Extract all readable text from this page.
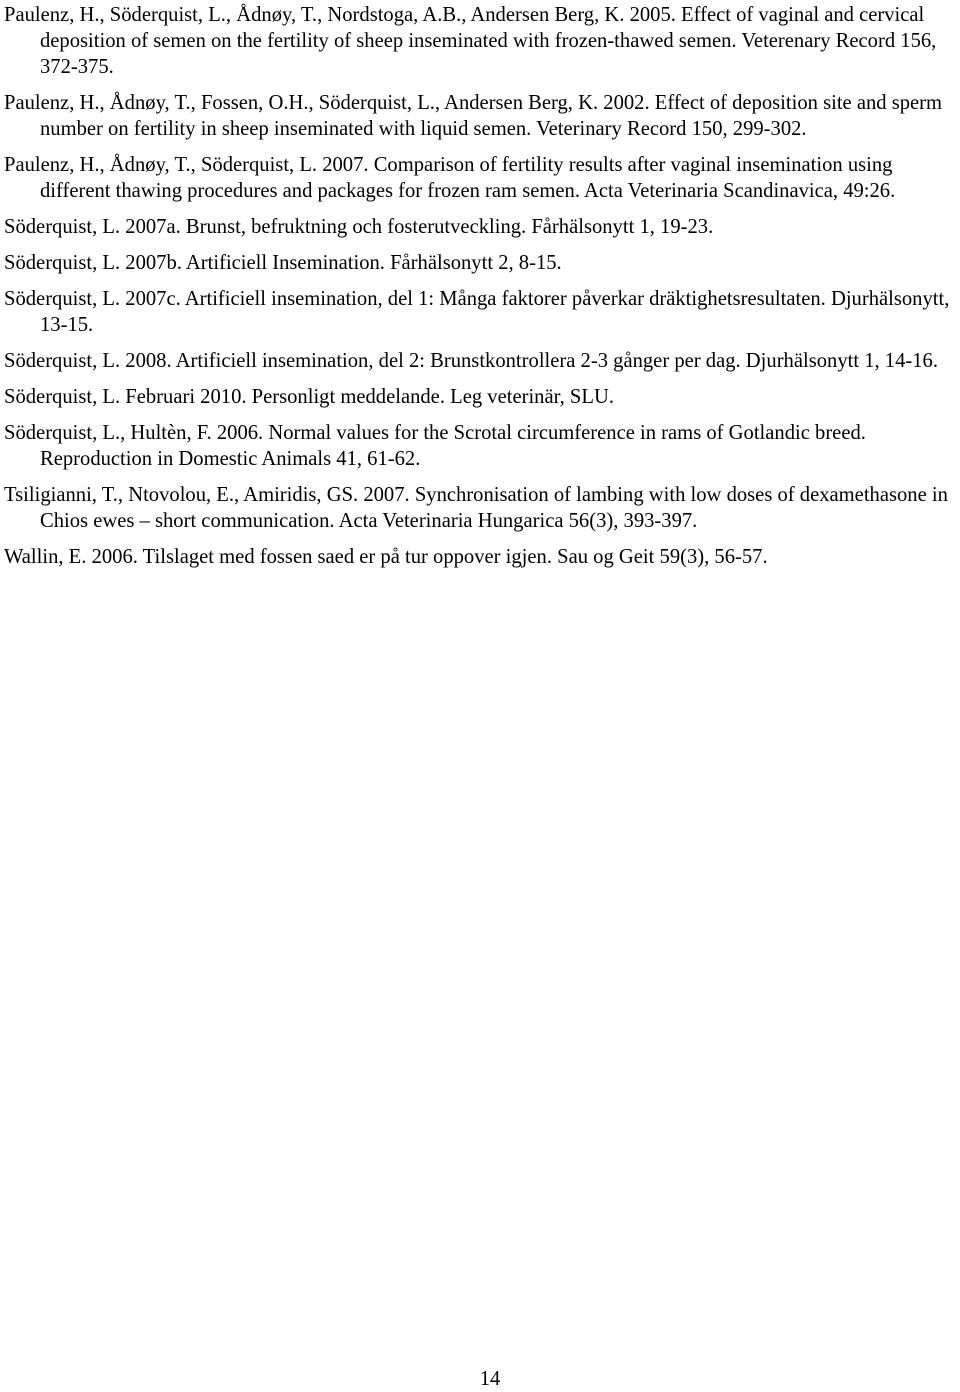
Paulenz, H., Söderquist, L., Ådnøy, T., Nordstoga, A.B., Andersen Berg, K. 2005. Effect of vaginal and cervical deposition of semen on the fertility of sheep inseminated with frozen-thawed semen. Veterenary Record 156, 372-375.
Paulenz, H., Ådnøy, T., Fossen, O.H., Söderquist, L., Andersen Berg, K. 2002. Effect of deposition site and sperm number on fertility in sheep inseminated with liquid semen. Veterinary Record 150, 299-302.
Paulenz, H., Ådnøy, T., Söderquist, L. 2007. Comparison of fertility results after vaginal insemination using different thawing procedures and packages for frozen ram semen. Acta Veterinaria Scandinavica, 49:26.
Söderquist, L. 2007a. Brunst, befruktning och fosterutveckling. Fårhälsonytt 1, 19-23.
Söderquist, L. 2007b. Artificiell Insemination. Fårhälsonytt 2, 8-15.
Söderquist, L. 2007c. Artificiell insemination, del 1: Många faktorer påverkar dräktighetsresultaten. Djurhälsonytt, 13-15.
Söderquist, L. 2008. Artificiell insemination, del 2: Brunstkontrollera 2-3 gånger per dag. Djurhälsonytt 1, 14-16.
Söderquist, L. Februari 2010. Personligt meddelande. Leg veterinär, SLU.
Söderquist, L., Hultèn, F. 2006. Normal values for the Scrotal circumference in rams of Gotlandic breed. Reproduction in Domestic Animals 41, 61-62.
Tsiligianni, T., Ntovolou, E., Amiridis, GS. 2007. Synchronisation of lambing with low doses of dexamethasone in Chios ewes – short communication. Acta Veterinaria Hungarica 56(3), 393-397.
Wallin, E. 2006. Tilslaget med fossen saed er på tur oppover igjen. Sau og Geit 59(3), 56-57.
14
